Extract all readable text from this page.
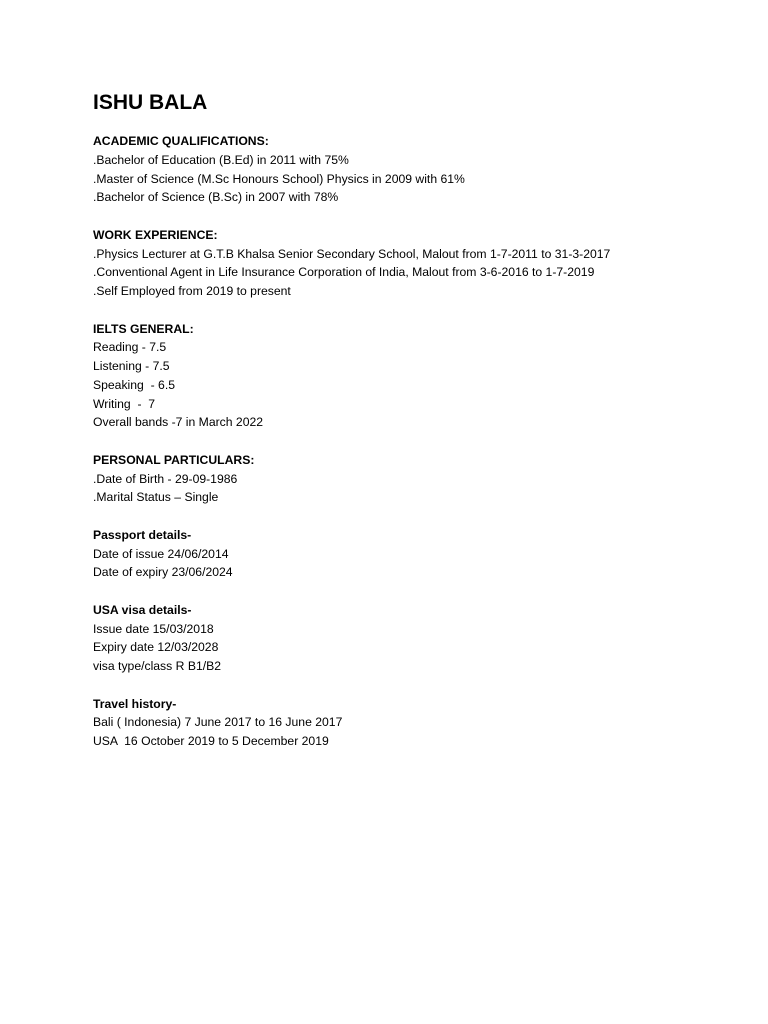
ISHU BALA

ACADEMIC QUALIFICATIONS:

.Bachelor of Education (B.Ed) in 2011 with 75%

.Master of Science (M.Sc Honours School) Physics in 2009 with 61%

.Bachelor of Science (B.Sc) in 2007 with 78%

WORK EXPERIENCE:

.Physics Lecturer at G.T.B Khalsa Senior Secondary School, Malout from 1-7-2011 to 31-3-2017

.Conventional Agent in Life Insurance Corporation of India, Malout from 3-6-2016 to 1-7-2019

.Self Employed from 2019 to present

IELTS GENERAL:

Reading - 7.5

Listening - 7.5

Speaking  - 6.5

Writing  -  7

Overall bands -7 in March 2022

PERSONAL PARTICULARS:

.Date of Birth - 29-09-1986

.Marital Status – Single

Passport details-

Date of issue 24/06/2014

Date of expiry 23/06/2024

USA visa details-

Issue date 15/03/2018

Expiry date 12/03/2028

visa type/class R B1/B2

Travel history-

Bali ( Indonesia) 7 June 2017 to 16 June 2017

USA  16 October 2019 to 5 December 2019
